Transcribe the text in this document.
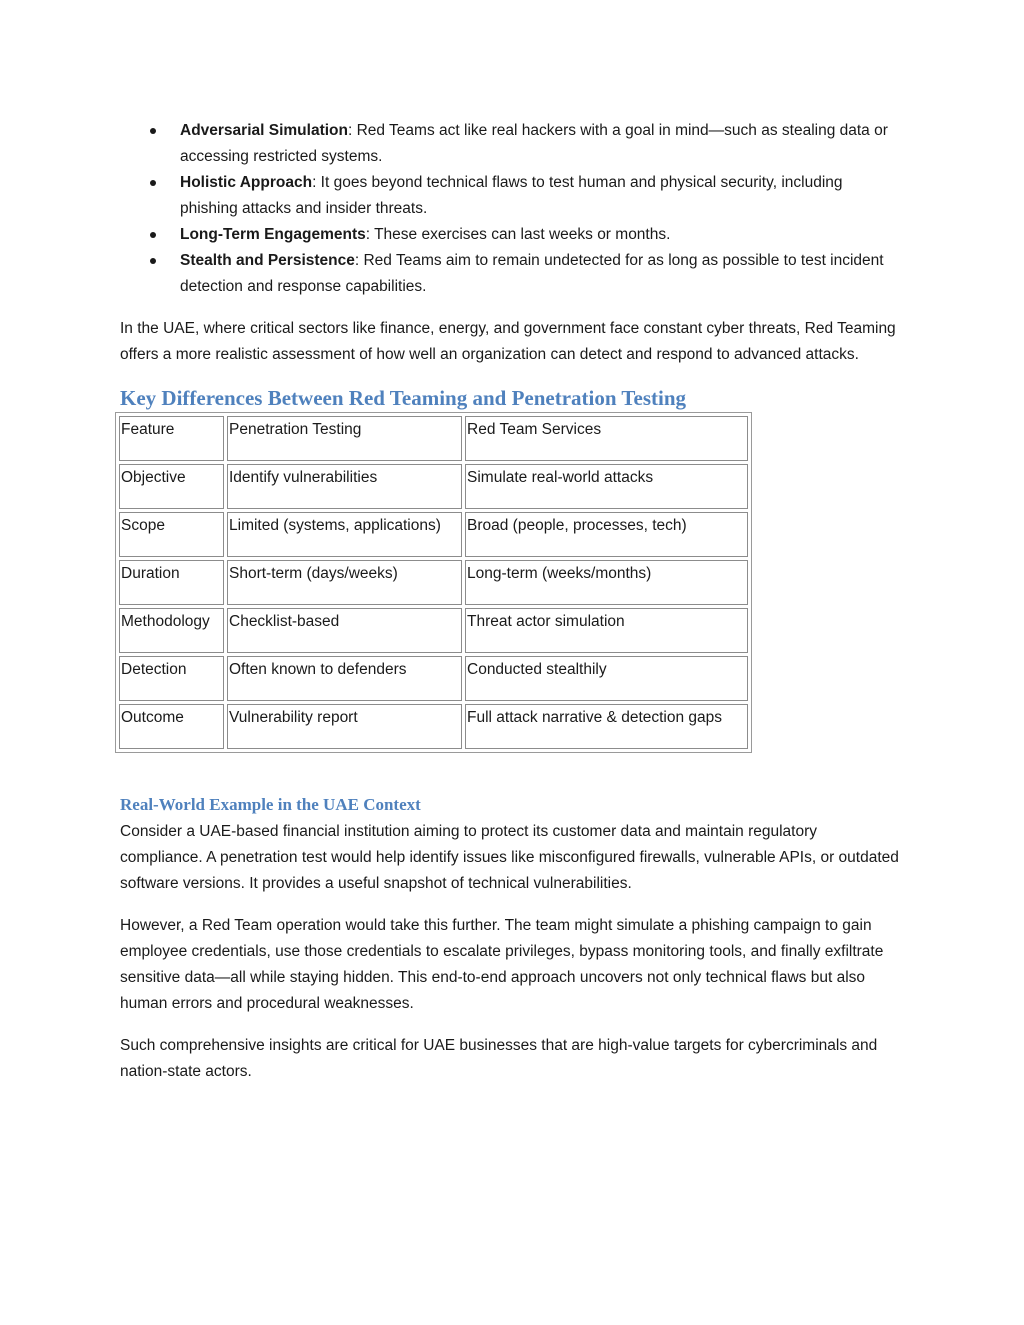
Adversarial Simulation: Red Teams act like real hackers with a goal in mind—such as stealing data or accessing restricted systems.
Holistic Approach: It goes beyond technical flaws to test human and physical security, including phishing attacks and insider threats.
Long-Term Engagements: These exercises can last weeks or months.
Stealth and Persistence: Red Teams aim to remain undetected for as long as possible to test incident detection and response capabilities.

In the UAE, where critical sectors like finance, energy, and government face constant cyber threats, Red Teaming offers a more realistic assessment of how well an organization can detect and respond to advanced attacks.

Key Differences Between Red Teaming and Penetration Testing
Feature	Penetration Testing	Red Team Services
Objective	Identify vulnerabilities	Simulate real-world attacks
Scope	Limited (systems, applications)	Broad (people, processes, tech)
Duration	Short-term (days/weeks)	Long-term (weeks/months)
Methodology	Checklist-based	Threat actor simulation
Detection	Often known to defenders	Conducted stealthily
Outcome	Vulnerability report	Full attack narrative & detection gaps
Real-World Example in the UAE Context

Consider a UAE-based financial institution aiming to protect its customer data and maintain regulatory compliance. A penetration test would help identify issues like misconfigured firewalls, vulnerable APIs, or outdated software versions. It provides a useful snapshot of technical vulnerabilities.

However, a Red Team operation would take this further. The team might simulate a phishing campaign to gain employee credentials, use those credentials to escalate privileges, bypass monitoring tools, and finally exfiltrate sensitive data—all while staying hidden. This end-to-end approach uncovers not only technical flaws but also human errors and procedural weaknesses.

Such comprehensive insights are critical for UAE businesses that are high-value targets for cybercriminals and nation-state actors.
